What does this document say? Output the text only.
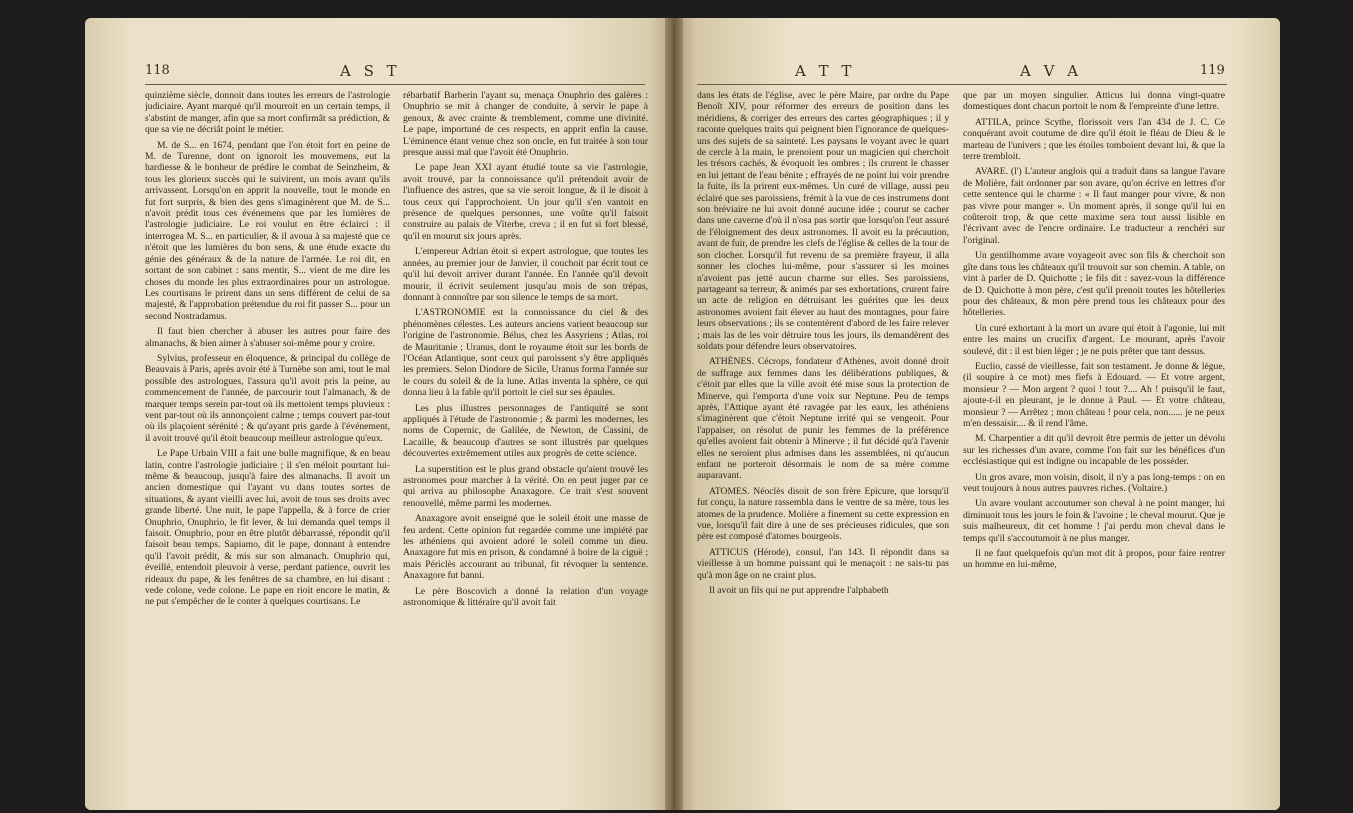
118	A S T

quinzième siècle, donnoit dans toutes les erreurs de l'astrologie judiciaire. Ayant marqué qu'il mourroit en un certain temps, il s'abstint de manger, afin que sa mort confirmât sa prédiction, & que sa vie ne décriât point le métier.

M. de S... en 1674, pendant que l'on étoit fort en peine de M. de Turenne, dont on ignoroit les mouvemens, eut la hardiesse & le bonheur de prédire le combat de Seinzheim, & tous les glorieux succès qui le suivirent, un mois avant qu'ils arrivassent. Lorsqu'on en apprit la nouvelle, tout le monde en fut fort surpris, & bien des gens s'imaginèrent que M. de S... n'avoit prédit tous ces événemens que par les lumières de l'astrologie judiciaire. Le roi voulut en être éclairci : il interrogea M. S... en particulier, & il avoua à sa majesté que ce n'étoit que les lumières du bon sens, & une étude exacte du génie des généraux & de la nature de l'armée. Le roi dit, en sortant de son cabinet : sans mentir, S... vient de me dire les choses du monde les plus extraordinaires pour un astrologue. Les courtisans le prirent dans un sens différent de celui de sa majesté, & l'approbation prétendue du roi fit passer S... pour un second Nostradamus.

Il faut bien chercher à abuser les autres pour faire des almanachs, & bien aimer à s'abuser soi-même pour y croire.

Sylvius, professeur en éloquence, & principal du collège de Beauvais à Paris, après avoir été à Turnèbe son ami, tout le mal possible des astrologues, l'assura qu'il avoit pris la peine, au commencement de l'année, de parcourir tout l'almanach, & de marquer temps serein par-tout où ils mettoient temps pluvieux : vent par-tout où ils annonçoient calme ; temps couvert par-tout où ils plaçoient sérénité ; & qu'ayant pris garde à l'événement, il avoit trouvé qu'il étoit beaucoup meilleur astrologue qu'eux.

Le Pape Urbain VIII a fait une bulle magnifique, & en beau latin, contre l'astrologie judiciaire ; il s'en méloit pourtant lui-même & beaucoup, jusqu'à faire des almanachs. Il avoit un ancien domestique qui l'ayant vu dans toutes sortes de situations, & ayant vieilli avec lui, avoit de tous ses droits avec grande liberté. Une nuit, le pape l'appella, & à force de crier Onuphrio, Onuphrio, le fit lever, & lui demanda quel temps il faisoit. Onuphrio, pour en être plutôt débarrassé, répondit qu'il faisoit beau temps. Sapiamo, dit le pape, donnant à entendre qu'il l'avoit prédit, & mis sur son almanach. Onuphrio qui, éveillé, entendoit pleuvoir à verse, perdant patience, ouvrit les rideaux du pape, & les fenêtres de sa chambre, en lui disant : vede colone, vede colone. Le pape en rioit encore le matin, & ne put s'empêcher de le conter à quelques courtisans. Le

rébarbatif Barberin l'ayant su, menaça Onuphrio des galères : Onuphrio se mit à changer de conduite, à servir le pape à genoux, & avec crainte & tremblement, comme une divinité. Le pape, importuné de ces respects, en apprit enfin la cause. L'éminence étant venue chez son oncle, en fut traitée à son tour presque aussi mal que l'avoit été Onuphrio.

Le pape Jean XXI ayant étudié toute sa vie l'astrologie, avoit trouvé, par la connoissance qu'il prétendoit avoir de l'influence des astres, que sa vie seroit longue, & il le disoit à tous ceux qui l'approchoient. Un jour qu'il s'en vantoit en présence de quelques personnes, une voûte qu'il faisoit construire au palais de Viterbe, creva ; il en fut si fort blessé, qu'il en mourut six jours après.

L'empereur Adrian étoit si expert astrologue, que toutes les années, au premier jour de Janvier, il couchoit par écrit tout ce qu'il lui devoit arriver durant l'année. En l'année qu'il devoit mourir, il écrivit seulement jusqu'au mois de son trépas, donnant à connoître par son silence le temps de sa mort.

L'ASTRONOMIE est la connoissance du ciel & des phénomènes célestes. Les auteurs anciens varient beaucoup sur l'origine de l'astronomie. Bélus, chez les Assyriens ; Atlas, roi de Mauritanie ; Uranus, dont le royaume étoit sur les bords de l'Océan Atlantique, sont ceux qui paroissent s'y être appliqués les premiers. Selon Diodore de Sicile, Uranus forma l'année sur le cours du soleil & de la lune. Atlas inventa la sphère, ce qui donna lieu à la fable qu'il portoit le ciel sur ses épaules.

Les plus illustres personnages de l'antiquité se sont appliqués à l'étude de l'astronomie ; & parmi les modernes, les noms de Copernic, de Galilée, de Newton, de Cassini, de Lacaille, & beaucoup d'autres se sont illustrés par quelques découvertes extrêmement utiles aux progrès de cette science.

La superstition est le plus grand obstacle qu'aient trouvé les astronomes pour marcher à la vérité. On en peut juger par ce qui arriva au philosophe Anaxagore. Ce trait s'est souvent renouvellé, même parmi les modernes.

Anaxagore avoit enseigné que le soleil étoit une masse de feu ardent. Cette opinion fut regardée comme une impiété par les athéniens qui avoient adoré le soleil comme un dieu. Anaxagore fut mis en prison, & condamné à boire de la ciguë ; mais Périclès accourant au tribunal, fit révoquer la sentence. Anaxagore fut banni.

Le père Boscovich a donné la relation d'un voyage astronomique & littéraire qu'il avoit fait

A T T	A V A	119

dans les états de l'église, avec le père Maire, par ordre du Pape Benoît XIV, pour réformer des erreurs de position dans les méridiens, & corriger des erreurs des cartes géographiques ; il y raconte quelques traits qui peignent bien l'ignorance de quelques-uns des sujets de sa sainteté. Les paysans le voyant avec le quart de cercle à la main, le prenoient pour un magicien qui cherchoit les trésors cachés, & évoquoit les ombres ; ils crurent le chasser en lui jettant de l'eau bénite ; effrayés de ne point lui voir prendre la fuite, ils la prirent eux-mêmes. Un curé de village, aussi peu éclairé que ses paroissiens, frémit à la vue de ces instrumens dont son bréviaire ne lui avoit donné aucune idée ; courut se cacher dans une caverne d'où il n'osa pas sortir que lorsqu'on l'eut assuré de l'éloignement des deux astronomes. Il avoit eu la précaution, avant de fuir, de prendre les clefs de l'église & celles de la tour de son clocher. Lorsqu'il fut revenu de sa première frayeur, il alla sonner les cloches lui-même, pour s'assurer si les moines n'avoient pas jetté aucun charme sur elles. Ses paroissiens, partageant sa terreur, & animés par ses exhortations, crurent faire un acte de religion en détruisant les guérites que les deux astronomes avoient fait élever au haut des montagnes, pour faire leurs observations ; ils se contentèrent d'abord de les faire relever ; mais las de les voir détruire tous les jours, ils demandèrent des soldats pour défendre leurs observatoires.

ATHÈNES. Cécrops, fondateur d'Athènes, avoit donné droit de suffrage aux femmes dans les délibérations publiques, & c'étoit par elles que la ville avoit été mise sous la protection de Minerve, qui l'emporta d'une voix sur Neptune. Peu de temps après, l'Attique ayant été ravagée par les eaux, les athéniens s'imaginèrent que c'étoit Neptune irrité qui se vengeoit. Pour l'appaiser, on résolut de punir les femmes de la préférence qu'elles avoient fait obtenir à Minerve ; il fut décidé qu'à l'avenir elles ne seroient plus admises dans les assemblées, ni qu'aucun enfant ne porteroit désormais le nom de sa mère comme auparavant.

ATOMES. Néoclès disoit de son frère Epicure, que lorsqu'il fut conçu, la nature rassembla dans le ventre de sa mère, tous les atomes de la prudence. Molière a finement su cette expression en vue, lorsqu'il fait dire à une de ses précieuses ridicules, que son père est composé d'atomes bourgeois.

ATTICUS (Hérode), consul, l'an 143. Il répondit dans sa vieillesse à un homme puissant qui le menaçoit : ne sais-tu pas qu'à mon âge on ne craint plus.

Il avoit un fils qui ne put apprendre l'alphabeth

que par un moyen singulier. Atticus lui donna vingt-quatre domestiques dont chacun portoit le nom & l'empreinte d'une lettre.

ATTILA, prince Scythe, florissoit vers l'an 434 de J. C. Ce conquérant avoit coutume de dire qu'il étoit le fléau de Dieu & le marteau de l'univers ; que les étoiles tomboient devant lui, & que la terre trembloit.

AVARE. (l') L'auteur anglois qui a traduit dans sa langue l'avare de Molière, fait ordonner par son avare, qu'on écrive en lettres d'or cette sentence qui le charme : « Il faut manger pour vivre, & non pas vivre pour manger ». Un moment après, il songe qu'il lui en coûteroit trop, & que cette maxime sera tout aussi lisible en l'écrivant avec de l'encre ordinaire. Le traducteur a renchéri sur l'original.

Un gentilhomme avare voyageoit avec son fils & cherchoit son gîte dans tous les châteaux qu'il trouvoit sur son chemin. A table, on vint à parler de D. Quichotte ; le fils dit : savez-vous la différence de D. Quichotte à mon père, c'est qu'il prenoit toutes les hôtelleries pour des châteaux, & mon père prend tous les châteaux pour des hôtelleries.

Un curé exhortant à la mort un avare qui étoit à l'agonie, lui mit entre les mains un crucifix d'argent. Le mourant, après l'avoir soulevé, dit : il est bien léger ; je ne puis prêter que tant dessus.

Euclio, cassé de vieillesse, fait son testament. Je donne & lègue, (il soupire à ce mot) mes fiefs à Edouard. — Et votre argent, monsieur ? — Mon argent ? quoi ! tout ?.... Ah ! puisqu'il le faut, ajoute-t-il en pleurant, je le donne à Paul. — Et votre château, monsieur ? — Arrêtez ; mon château ! pour cela, non...... je ne peux m'en dessaisir.... & il rend l'âme.

M. Charpentier a dit qu'il devroit être permis de jetter un dévolu sur les richesses d'un avare, comme l'on fait sur les bénéfices d'un ecclésiastique qui est indigne ou incapable de les posséder.

Un gros avare, mon voisin, disoit, il n'y a pas long-temps : on en veut toujours à nous autres pauvres riches. (Voltaire.)

Un avare voulant accoutumer son cheval à ne point manger, lui diminuoit tous les jours le foin & l'avoine ; le cheval mourut. Que je suis malheureux, dit cet homme ! j'ai perdu mon cheval dans le temps qu'il s'accoutumoit à ne plus manger.

Il ne faut quelquefois qu'un mot dit à propos, pour faire rentrer un homme en lui-même,
